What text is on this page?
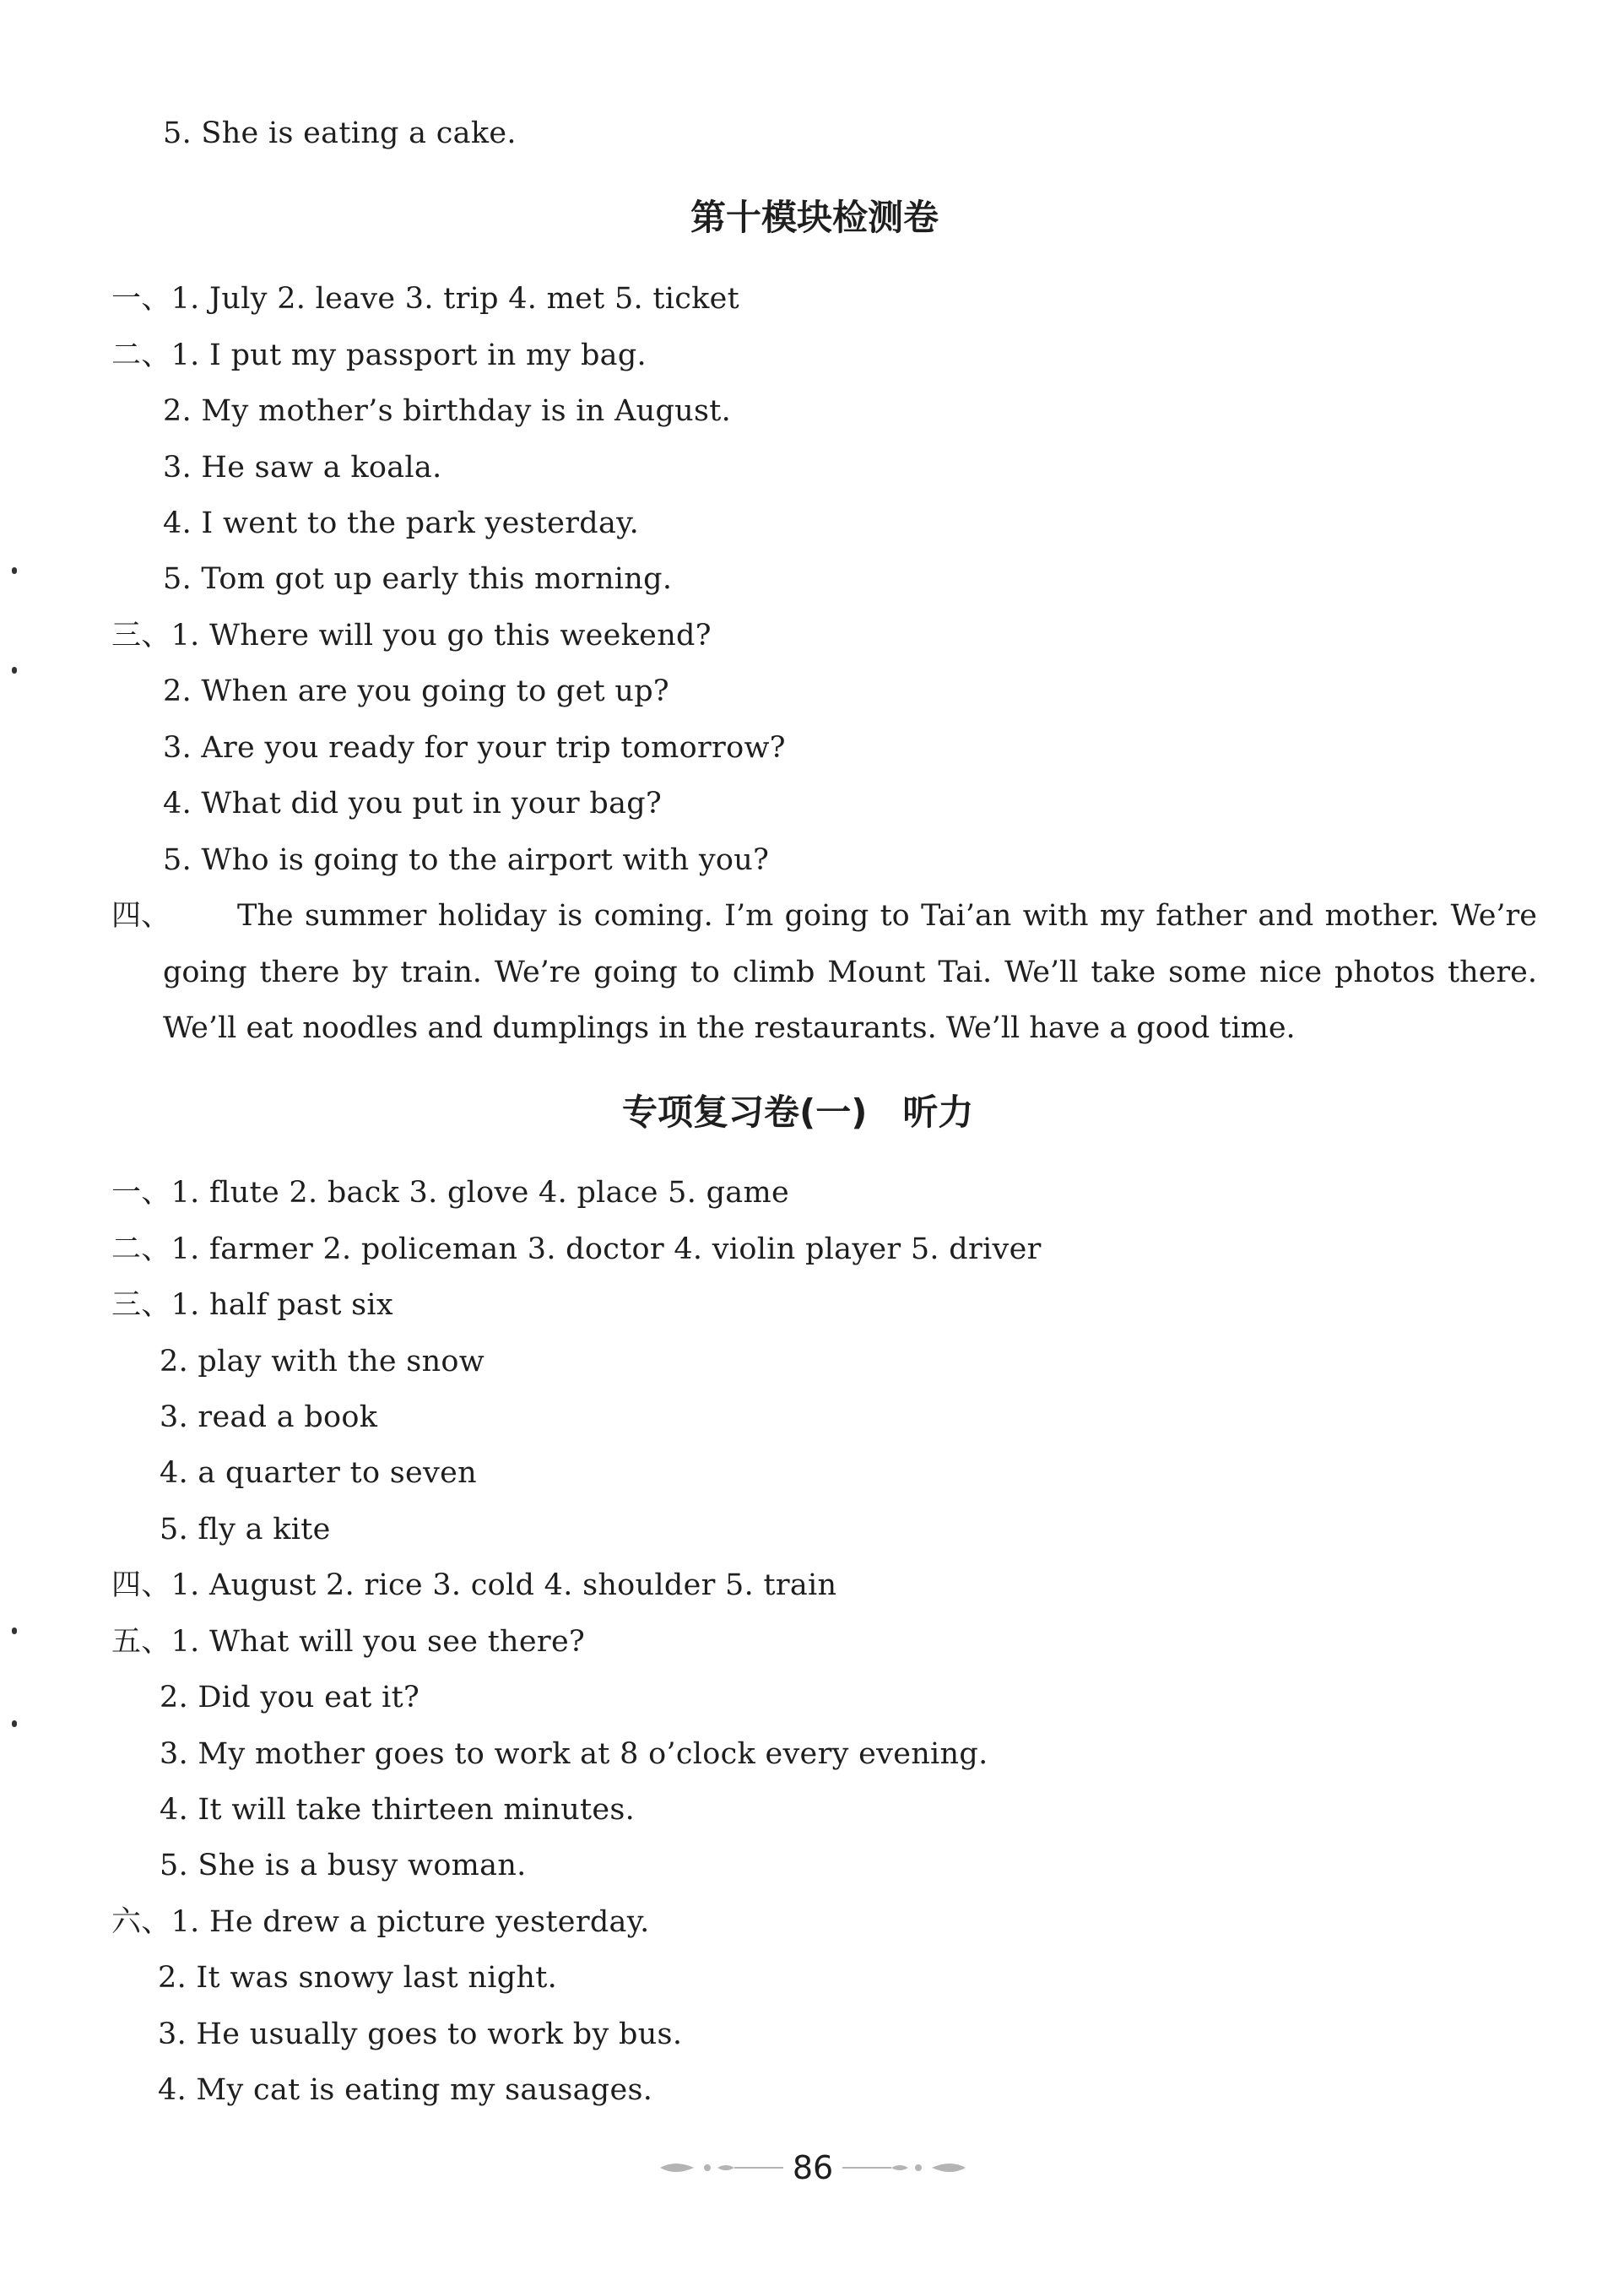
5. She is eating a cake.
第十模块检测卷
一、1. July 2. leave 3. trip 4. met 5. ticket
二、1. I put my passport in my bag.
2. My mother’s birthday is in August.
3. He saw a koala.
4. I went to the park yesterday.
5. Tom got up early this morning.
三、1. Where will you go this weekend?
2. When are you going to get up?
3. Are you ready for your trip tomorrow?
4. What did you put in your bag?
5. Who is going to the airport with you?
四、	The summer holiday is coming. I’m going to Tai’an with my father and mother. We’re going there by train. We’re going to climb Mount Tai. We’ll take some nice photos there. We’ll eat noodles and dumplings in the restaurants. We’ll have a good time.
专项复习卷(一)　听力
一、1. flute 2. back 3. glove 4. place 5. game
二、1. farmer 2. policeman 3. doctor 4. violin player 5. driver
三、1. half past six
2. play with the snow
3. read a book
4. a quarter to seven
5. fly a kite
四、1. August 2. rice 3. cold 4. shoulder 5. train
五、1. What will you see there?
2. Did you eat it?
3. My mother goes to work at 8 o’clock every evening.
4. It will take thirteen minutes.
5. She is a busy woman.
六、1. He drew a picture yesterday.
2. It was snowy last night.
3. He usually goes to work by bus.
4. My cat is eating my sausages.
86
